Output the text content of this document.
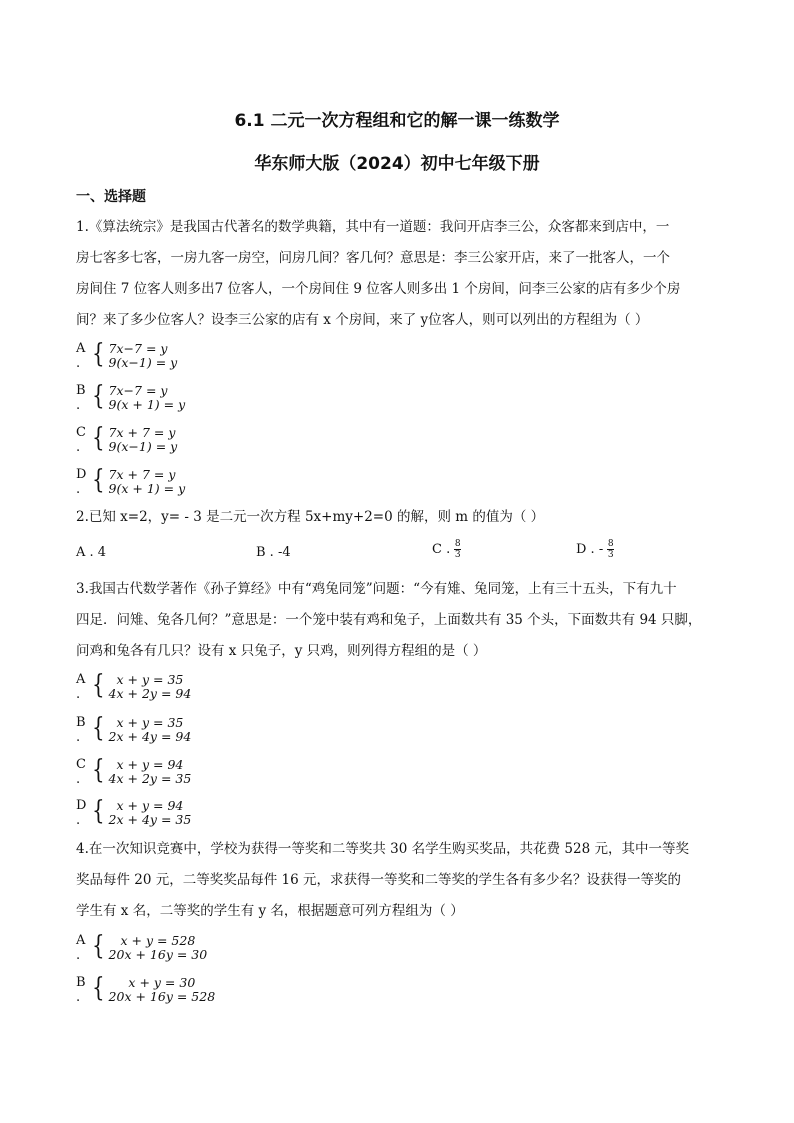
6.1 二元一次方程组和它的解一课一练数学
华东师大版（2024）初中七年级下册
一、选择题
1.《算法统宗》是我国古代著名的数学典籍，其中有一道题：我问开店李三公，众客都来到店中，一
房七客多七客，一房九客一房空，问房几间？客几何？意思是：李三公家开店，来了一批客人，一个
房间住 7 位客人则多出7 位客人，一个房间住 9 位客人则多出 1 个房间，问李三公家的店有多少个房
间？来了多少位客人？设李三公家的店有 x 个房间，来了 y位客人，则可以列出的方程组为（ ）
A . { 7x−7 = y
9(x−1) = y
B . { 7x−7 = y
9(x + 1) = y
C . { 7x + 7 = y
9(x−1) = y
D . { 7x + 7 = y
9(x + 1) = y
2.已知 x=2，y= - 3 是二元一次方程 5x+my+2=0 的解，则 m 的值为（ ）
A .
4	B .
-4	C . $\frac{8}{3}$	D .
- $\frac{8}{3}$
3.我国古代数学著作《孙子算经》中有“鸡兔同笼”问题：“今有雉、兔同笼，上有三十五头，下有九十
四足．问雉、兔各几何？”意思是：一个笼中装有鸡和兔子，上面数共有 35 个头，下面数共有 94 只脚，
问鸡和兔各有几只？设有 x 只兔子，y 只鸡，则列得方程组的是（ ）
A . { x + y = 35
4x + 2y = 94
B . { x + y = 35
2x + 4y = 94
C . { x + y = 94
4x + 2y = 35
D . { x + y = 94
2x + 4y = 35
4.在一次知识竞赛中，学校为获得一等奖和二等奖共 30 名学生购买奖品，共花费 528 元，其中一等奖
奖品每件 20 元，二等奖奖品每件 16 元，求获得一等奖和二等奖的学生各有多少名？设获得一等奖的
学生有 x 名，二等奖的学生有 y 名，根据题意可列方程组为（ ）
A . {	x + y = 528
20x + 16y = 30
B . {	x + y = 30
20x + 16y = 528
